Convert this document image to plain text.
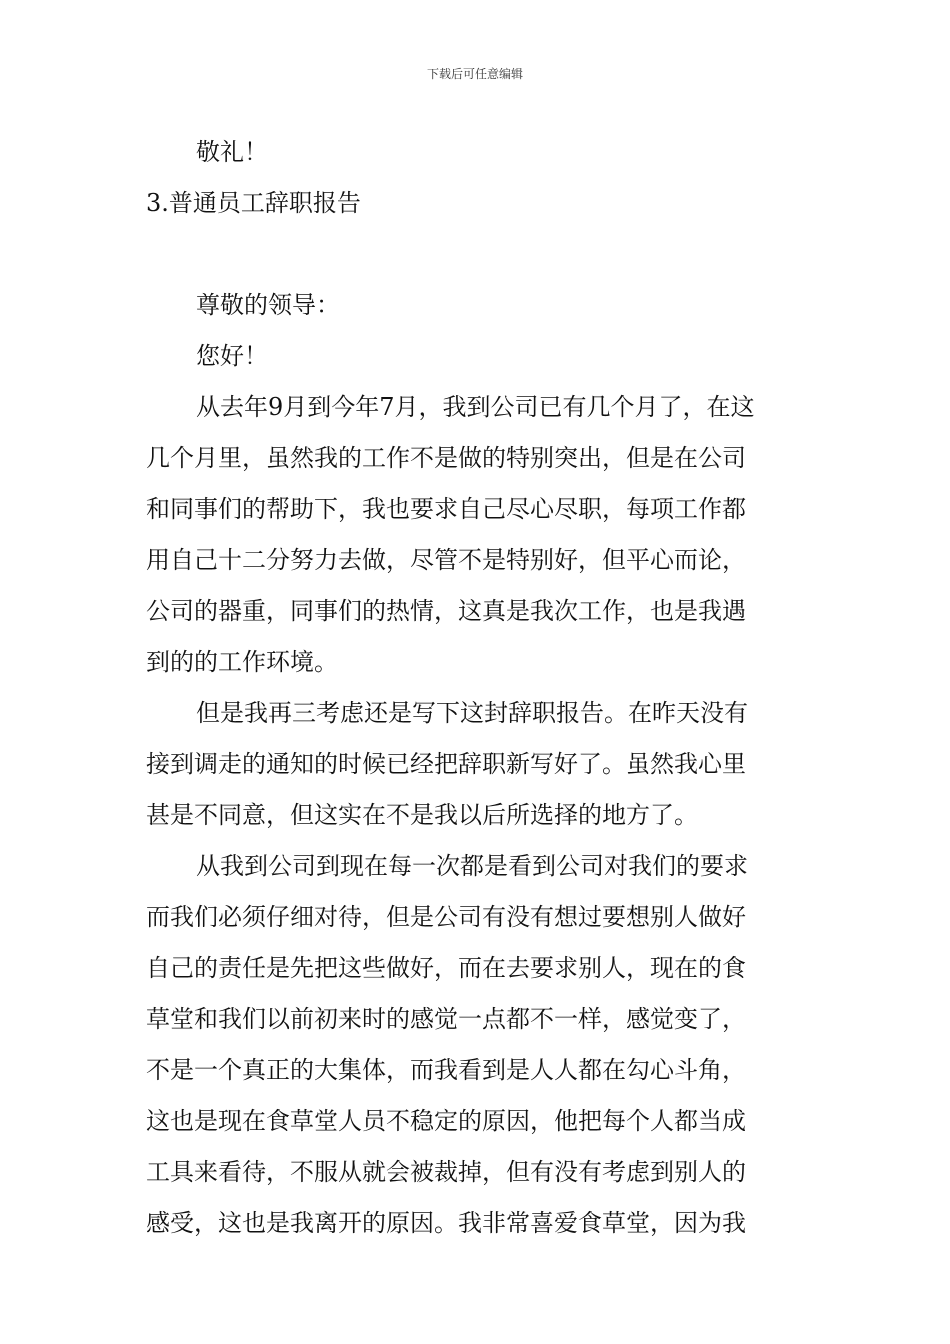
下载后可任意编辑
敬礼！
3.普通员工辞职报告
尊敬的领导：
您好！
从去年9月到今年7月，我到公司已有几个月了，在这
几个月里，虽然我的工作不是做的特别突出，但是在公司
和同事们的帮助下，我也要求自己尽心尽职，每项工作都
用自己十二分努力去做，尽管不是特别好，但平心而论，
公司的器重，同事们的热情，这真是我次工作，也是我遇
到的的工作环境。
但是我再三考虑还是写下这封辞职报告。在昨天没有
接到调走的通知的时候已经把辞职新写好了。虽然我心里
甚是不同意，但这实在不是我以后所选择的地方了。
从我到公司到现在每一次都是看到公司对我们的要求
而我们必须仔细对待，但是公司有没有想过要想别人做好
自己的责任是先把这些做好，而在去要求别人，现在的食
草堂和我们以前初来时的感觉一点都不一样，感觉变了，
不是一个真正的大集体，而我看到是人人都在勾心斗角，
这也是现在食草堂人员不稳定的原因，他把每个人都当成
工具来看待，不服从就会被裁掉，但有没有考虑到别人的
感受，这也是我离开的原因。我非常喜爱食草堂，因为我
